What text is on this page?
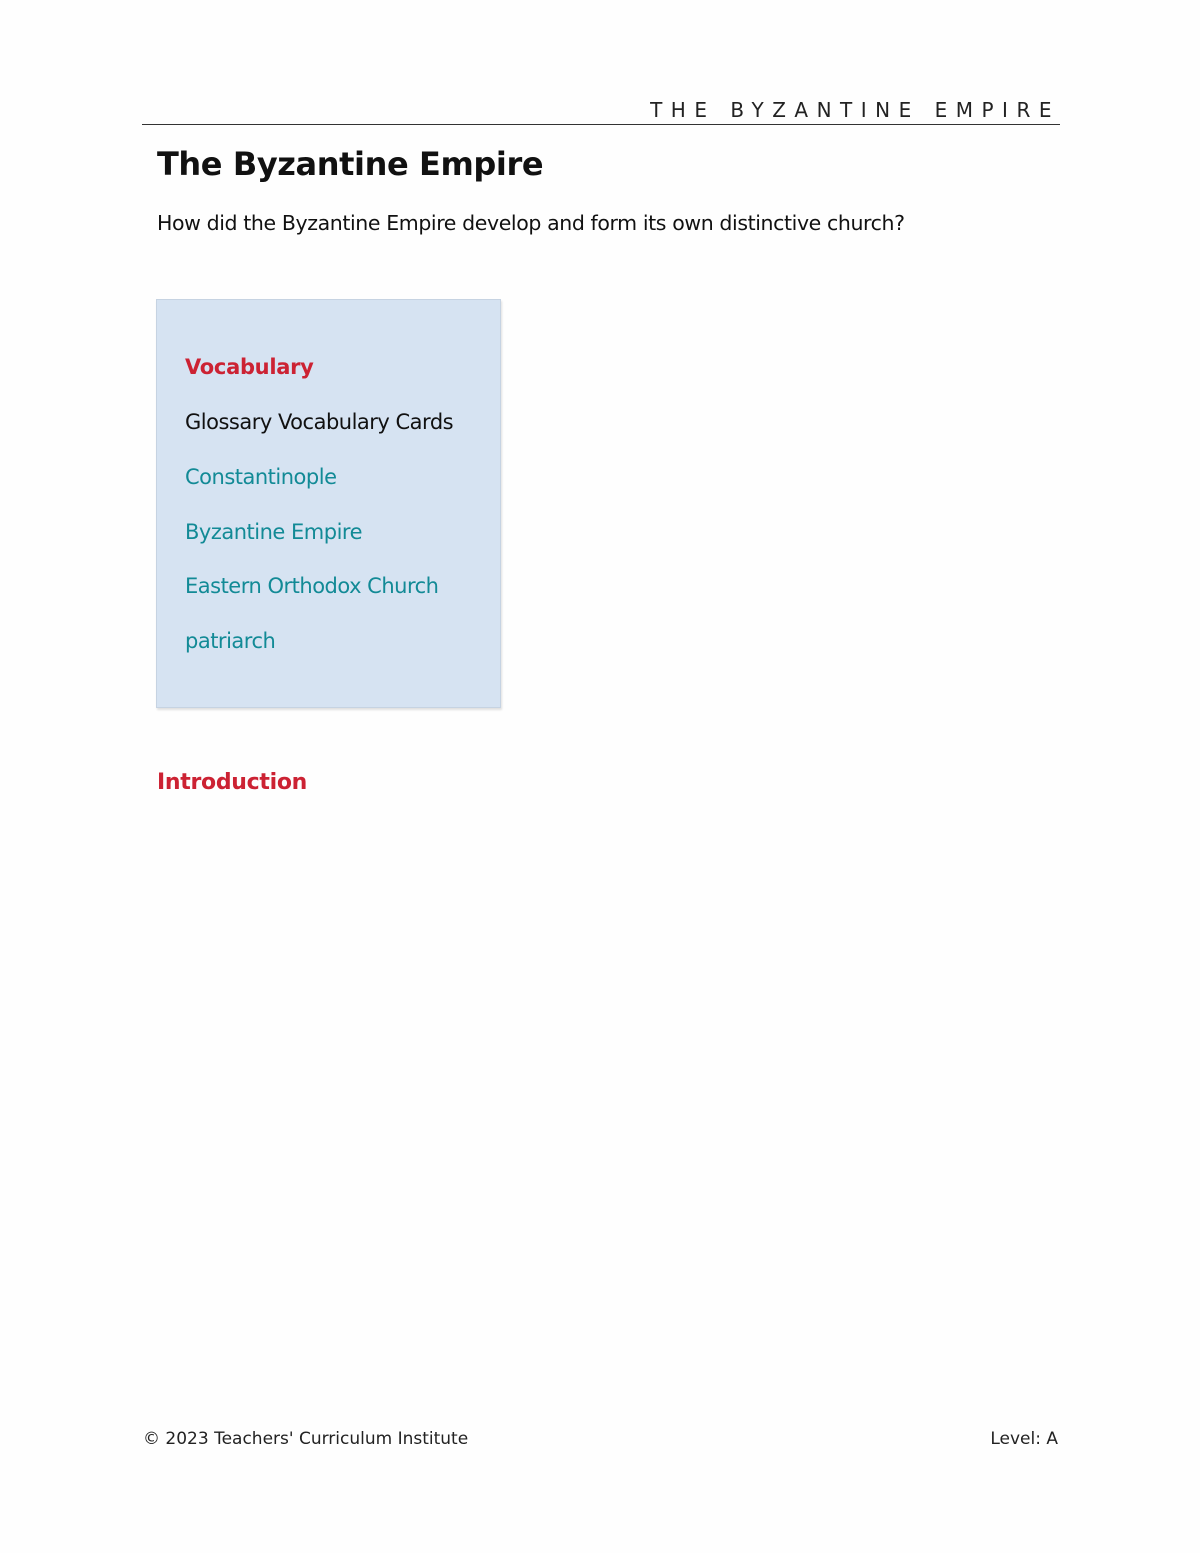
THE BYZANTINE EMPIRE
The Byzantine Empire

How did the Byzantine Empire develop and form its own distinctive church?

Vocabulary
Glossary Vocabulary Cards
Constantinople
Byzantine Empire
Eastern Orthodox Church
patriarch
Introduction
© 2023 Teachers' Curriculum Institute	Level: A
